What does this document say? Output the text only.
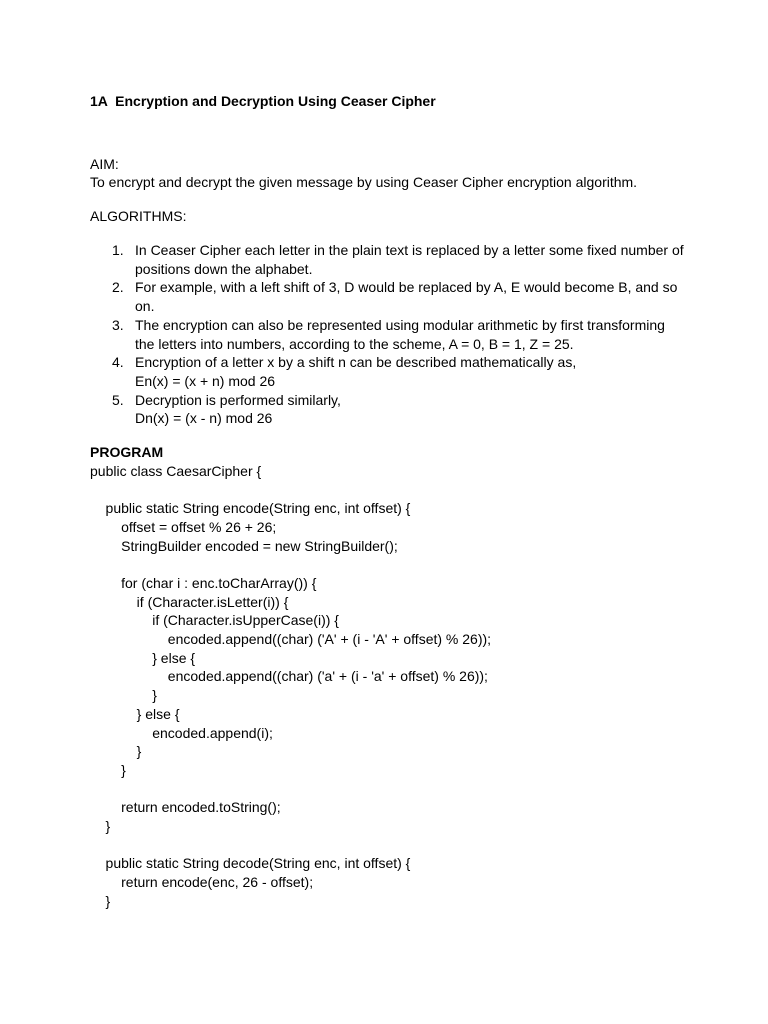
1A  Encryption and Decryption Using Ceaser Cipher
AIM:
To encrypt and decrypt the given message by using Ceaser Cipher encryption algorithm.
ALGORITHMS:
1. In Ceaser Cipher each letter in the plain text is replaced by a letter some fixed number of
positions down the alphabet.
2. For example, with a left shift of 3, D would be replaced by A, E would become B, and so
on.
3. The encryption can also be represented using modular arithmetic by first transforming
the letters into numbers, according to the scheme, A = 0, B = 1, Z = 25.
4. Encryption of a letter x by a shift n can be described mathematically as,
En(x) = (x + n) mod 26
5. Decryption is performed similarly,
Dn(x) = (x - n) mod 26
PROGRAM
public class CaesarCipher {
public static String encode(String enc, int offset) {
offset = offset % 26 + 26;
StringBuilder encoded = new StringBuilder();
for (char i : enc.toCharArray()) {
if (Character.isLetter(i)) {
if (Character.isUpperCase(i)) {
encoded.append((char) ('A' + (i - 'A' + offset) % 26));
} else {
encoded.append((char) ('a' + (i - 'a' + offset) % 26));
}
} else {
encoded.append(i);
}
}
return encoded.toString();
}
public static String decode(String enc, int offset) {
return encode(enc, 26 - offset);
}
